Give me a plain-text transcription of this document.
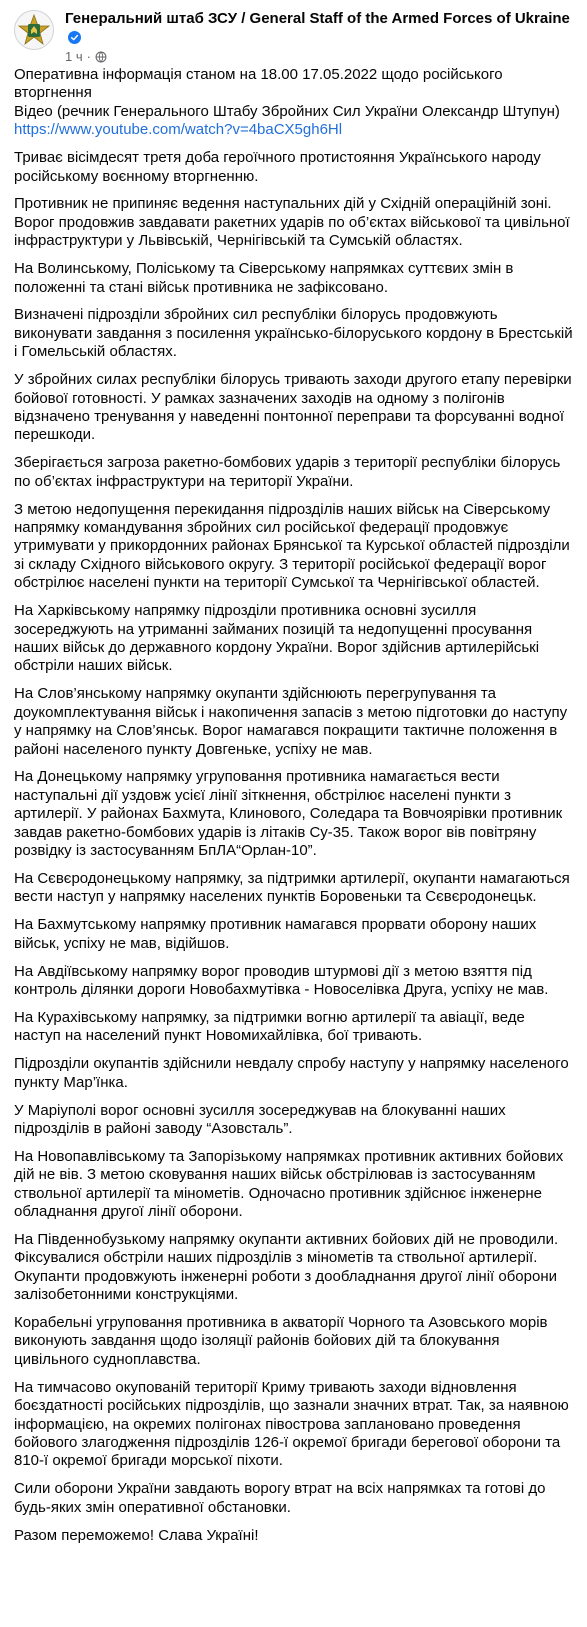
Генеральний штаб ЗСУ / General Staff of the Armed Forces of Ukraine
1 ч ·

Оперативна інформація станом на 18.00 17.05.2022 щодо російського вторгнення
Відео (речник Генерального Штабу Збройних Сил України Олександр Штупун)
https://www.youtube.com/watch?v=4baCX5gh6Hl

Триває вісімдесят третя доба героїчного протистояння Українського народу російському воєнному вторгненню.

Противник не припиняє ведення наступальних дій у Східній операційній зоні. Ворог продовжив завдавати ракетних ударів по об’єктах військової та цивільної інфраструктури у Львівській, Чернігівській та Сумській областях.

На Волинському, Поліському та Сіверському напрямках суттєвих змін в положенні та стані військ противника не зафіксовано.

Визначені підрозділи збройних сил республіки білорусь продовжують виконувати завдання з посилення українсько-білоруського кордону в Брестській і Гомельській областях.

У збройних силах республіки білорусь тривають заходи другого етапу перевірки бойової готовності. У рамках зазначених заходів на одному з полігонів відзначено тренування у наведенні понтонної переправи та форсуванні водної перешкоди.

Зберігається загроза ракетно-бомбових ударів з території республіки білорусь по об’єктах інфраструктури на території України.

З метою недопущення перекидання підрозділів наших військ на Сіверському напрямку командування збройних сил російської федерації продовжує утримувати у прикордонних районах Брянської та Курської областей підрозділи зі складу Східного військового округу. З території російської федерації ворог обстрілює населені пункти на території Сумської та Чернігівської областей.

На Харківському напрямку підрозділи противника основні зусилля зосереджують на утриманні займаних позицій та недопущенні просування наших військ до державного кордону України. Ворог здійснив артилерійські обстріли наших військ.

На Слов’янському напрямку окупанти здійснюють перегрупування та доукомплектування військ і накопичення запасів з метою підготовки до наступу у напрямку на Слов’янськ. Ворог намагався покращити тактичне положення в районі населеного пункту Довгеньке, успіху не мав.

На Донецькому напрямку угруповання противника намагається вести наступальні дії уздовж усієї лінії зіткнення, обстрілює населені пункти з артилерії. У районах Бахмута, Клинового, Соледара та Вовчоярівки противник завдав ракетно-бомбових ударів із літаків Су-35. Також ворог вів повітряну розвідку із застосуванням БпЛА“Орлан-10”.

На Сєвєродонецькому напрямку, за підтримки артилерії, окупанти намагаються вести наступ у напрямку населених пунктів Боровеньки та Сєвєродонецьк.

На Бахмутському напрямку противник намагався прорвати оборону наших військ, успіху не мав, відійшов.

На Авдіївському напрямку ворог проводив штурмові дії з метою взяття під контроль ділянки дороги Новобахмутівка - Новоселівка Друга, успіху не мав.

На Курахівському напрямку, за підтримки вогню артилерії та авіації, веде наступ на населений пункт Новомихайлівка, бої тривають.

Підрозділи окупантів здійснили невдалу спробу наступу у напрямку населеного пункту Мар’їнка.

У Маріуполі ворог основні зусилля зосереджував на блокуванні наших підрозділів в районі заводу “Азовсталь”.

На Новопавлівському та Запорізькому напрямках противник активних бойових дій не вів. З метою сковування наших військ обстрілював із застосуванням ствольної артилерії та мінометів. Одночасно противник здійснює інженерне обладнання другої лінії оборони.

На Південнобузькому напрямку окупанти активних бойових дій не проводили. Фіксувалися обстріли наших підрозділів з мінометів та ствольної артилерії. Окупанти продовжують інженерні роботи з дообладнання другої лінії оборони залізобетонними конструкціями.

Корабельні угруповання противника в акваторії Чорного та Азовського морів виконують завдання щодо ізоляції районів бойових дій та блокування цивільного судноплавства.

На тимчасово окупованій території Криму тривають заходи відновлення боєздатності російських підрозділів, що зазнали значних втрат. Так, за наявною інформацією, на окремих полігонах півострова заплановано проведення бойового злагодження підрозділів 126-ї окремої бригади берегової оборони та 810-ї окремої бригади морської піхоти.

Сили оборони України завдають ворогу втрат на всіх напрямках та готові до будь-яких змін оперативної обстановки.

Разом переможемо! Слава Україні!
